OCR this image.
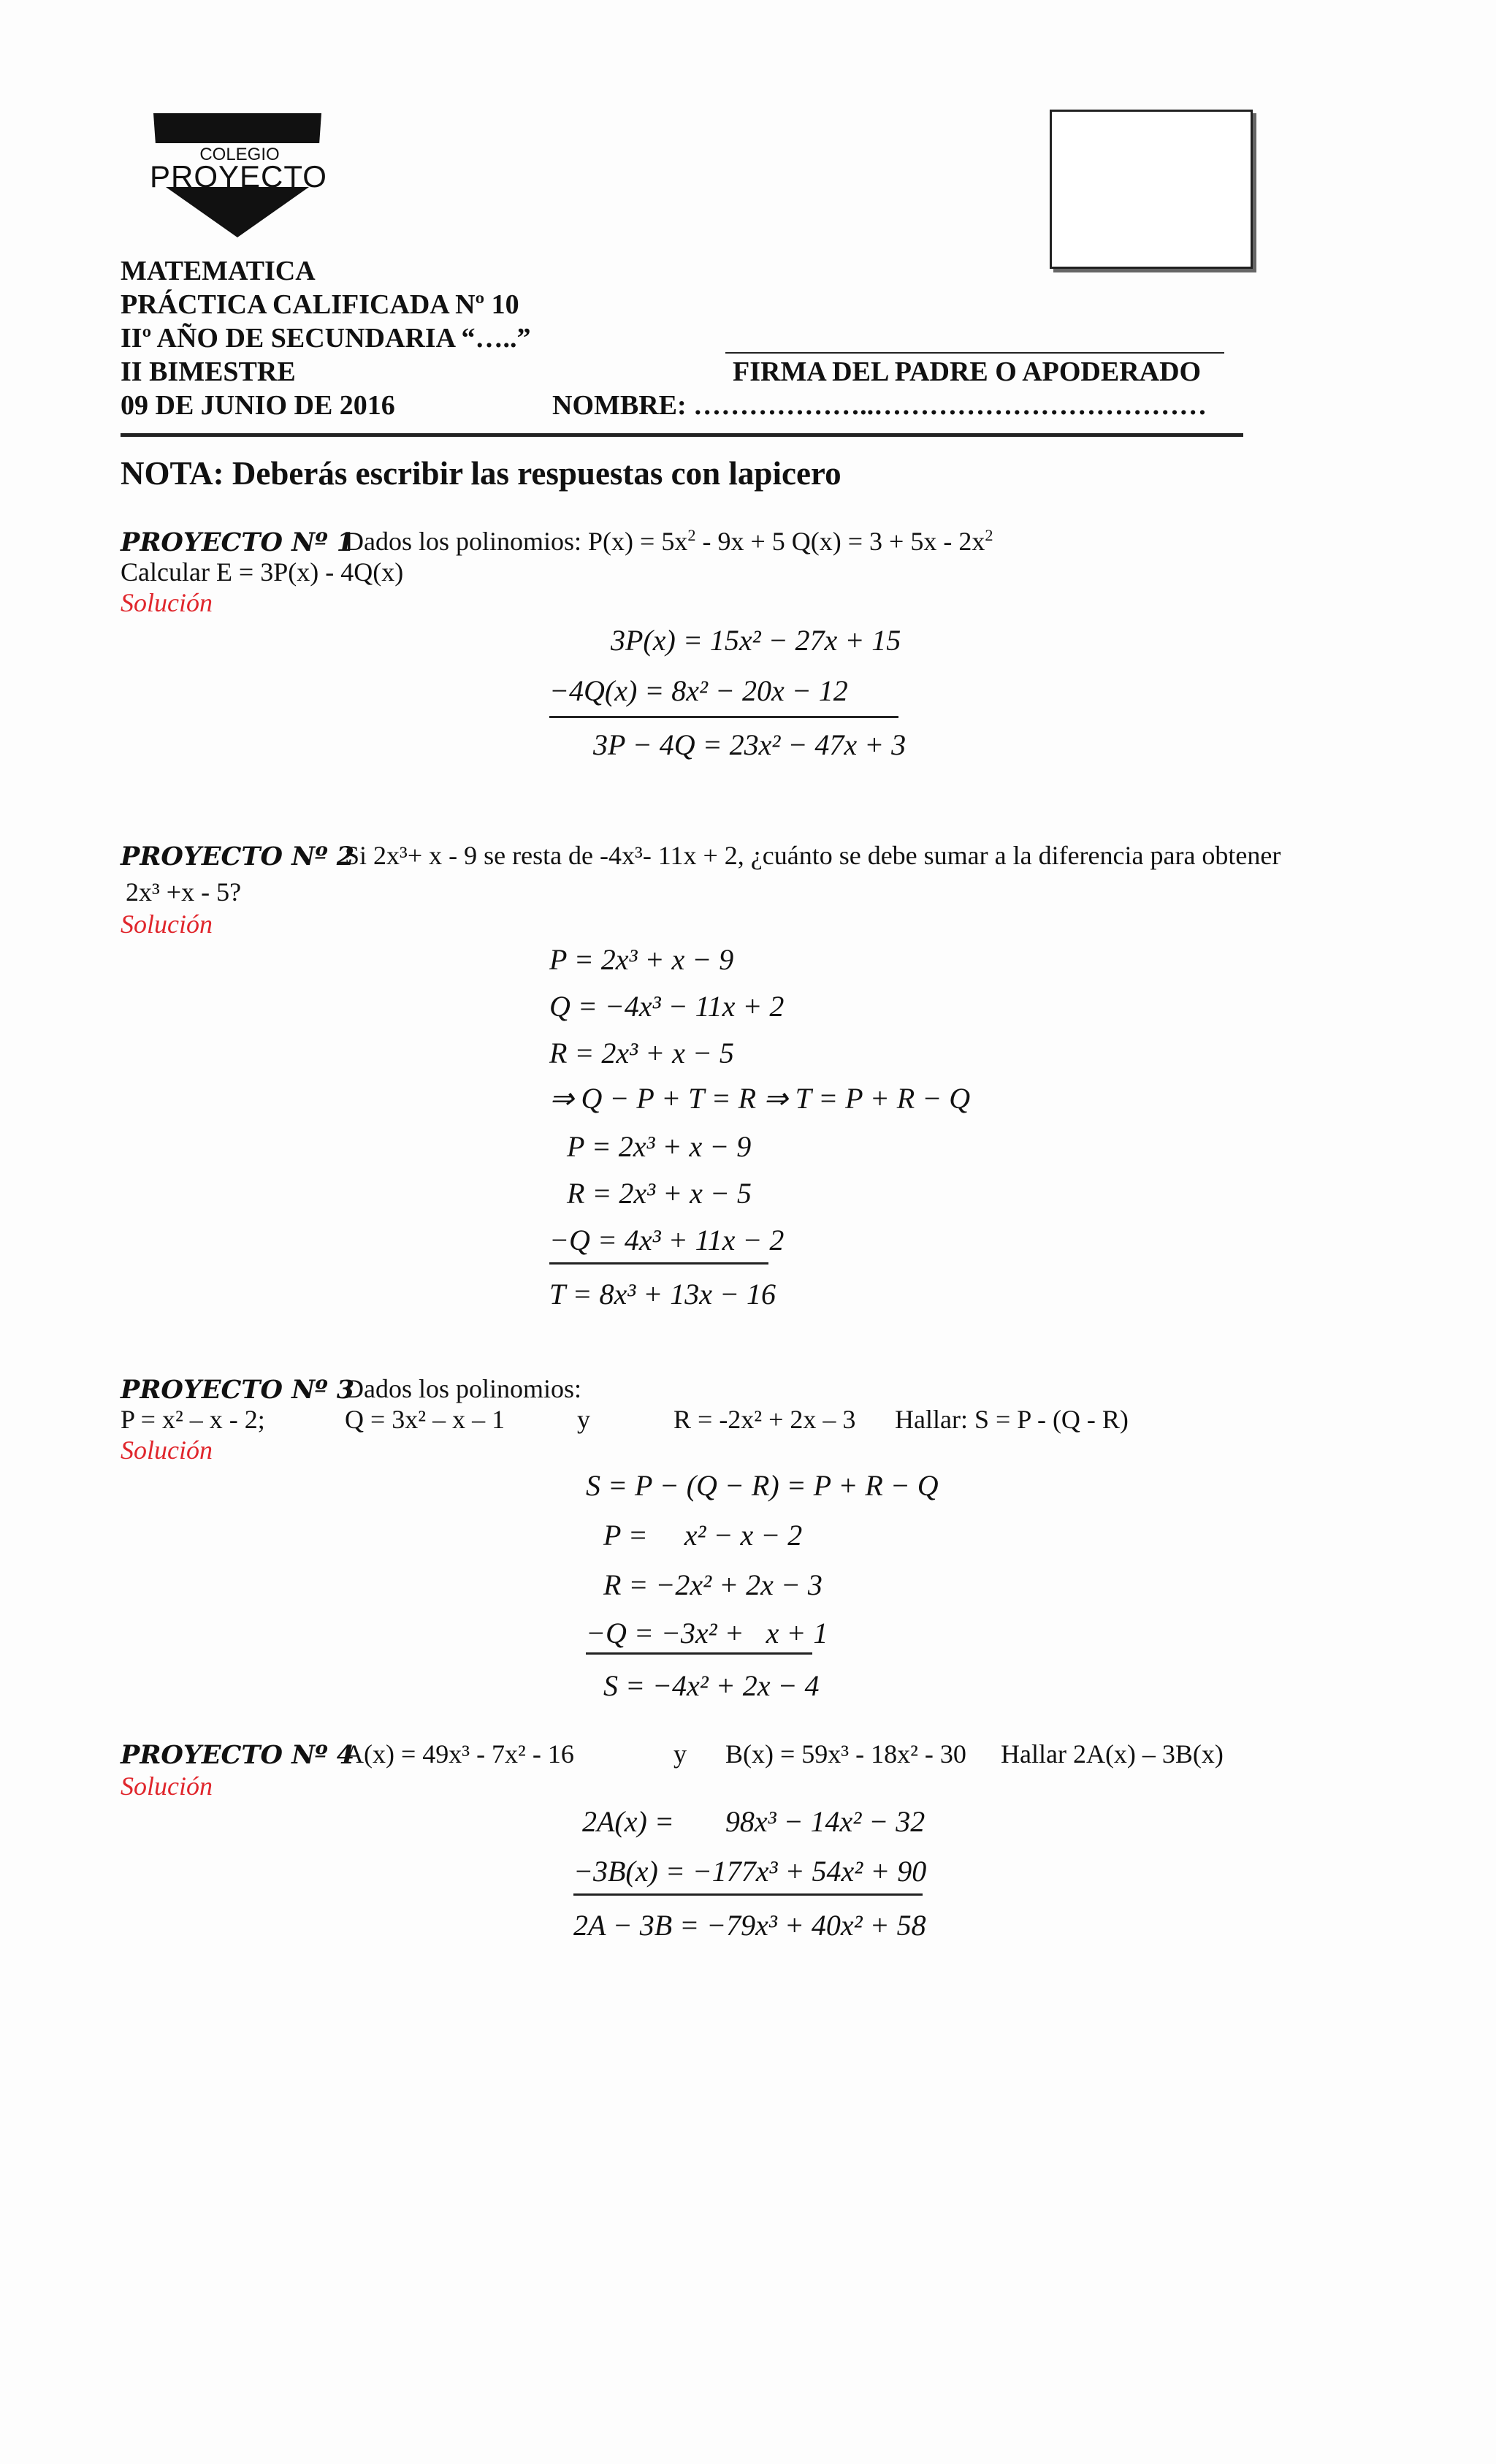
COLEGIO
PROYECTO
MATEMATICA
PRÁCTICA CALIFICADA Nº 10
IIº AÑO DE SECUNDARIA “…..”
II BIMESTRE
09 DE JUNIO DE 2016
FIRMA DEL PADRE O APODERADO
NOMBRE: ………………..………………………………
NOTA: Deberás escribir las respuestas con lapicero
PROYECTO Nº 1
Dados los polinomios: $P(x) = 5x^2 - 9x + 5$ $Q(x) = 3 + 5x - 2x^2$
Calcular E = 3P(x) - 4Q(x)
Solución
3P(x) = 15x² − 27x + 15
−4Q(x) = 8x² − 20x − 12
3P − 4Q = 23x² − 47x + 3
PROYECTO Nº 2
Si 2x³+ x - 9 se resta de -4x³- 11x + 2, ¿cuánto se debe sumar a la diferencia para obtener
2x³ +x - 5?
Solución
P = 2x³ + x − 9
Q = −4x³ − 11x + 2
R = 2x³ + x − 5
⇒ Q − P + T = R ⇒ T = P + R − Q
P = 2x³ + x − 9
R = 2x³ + x − 5
−Q = 4x³ + 11x − 2
T = 8x³ + 13x − 16
PROYECTO Nº 3
Dados los polinomios:
P = x² – x - 2;	Q = 3x² – x – 1	y	R = -2x² + 2x – 3 Hallar: S = P - (Q - R)
Solución
S = P − (Q − R) = P + R − Q
P =     x² − x − 2
R = −2x² + 2x − 3
−Q = −3x² +   x + 1
S = −4x² + 2x − 4
PROYECTO Nº 4
A(x) = 49x³ - 7x² - 16	y B(x) = 59x³ - 18x² - 30 Hallar 2A(x) – 3B(x)
Solución
2A(x) =       98x³ − 14x² − 32
−3B(x) = −177x³ + 54x² + 90
2A − 3B = −79x³ + 40x² + 58
